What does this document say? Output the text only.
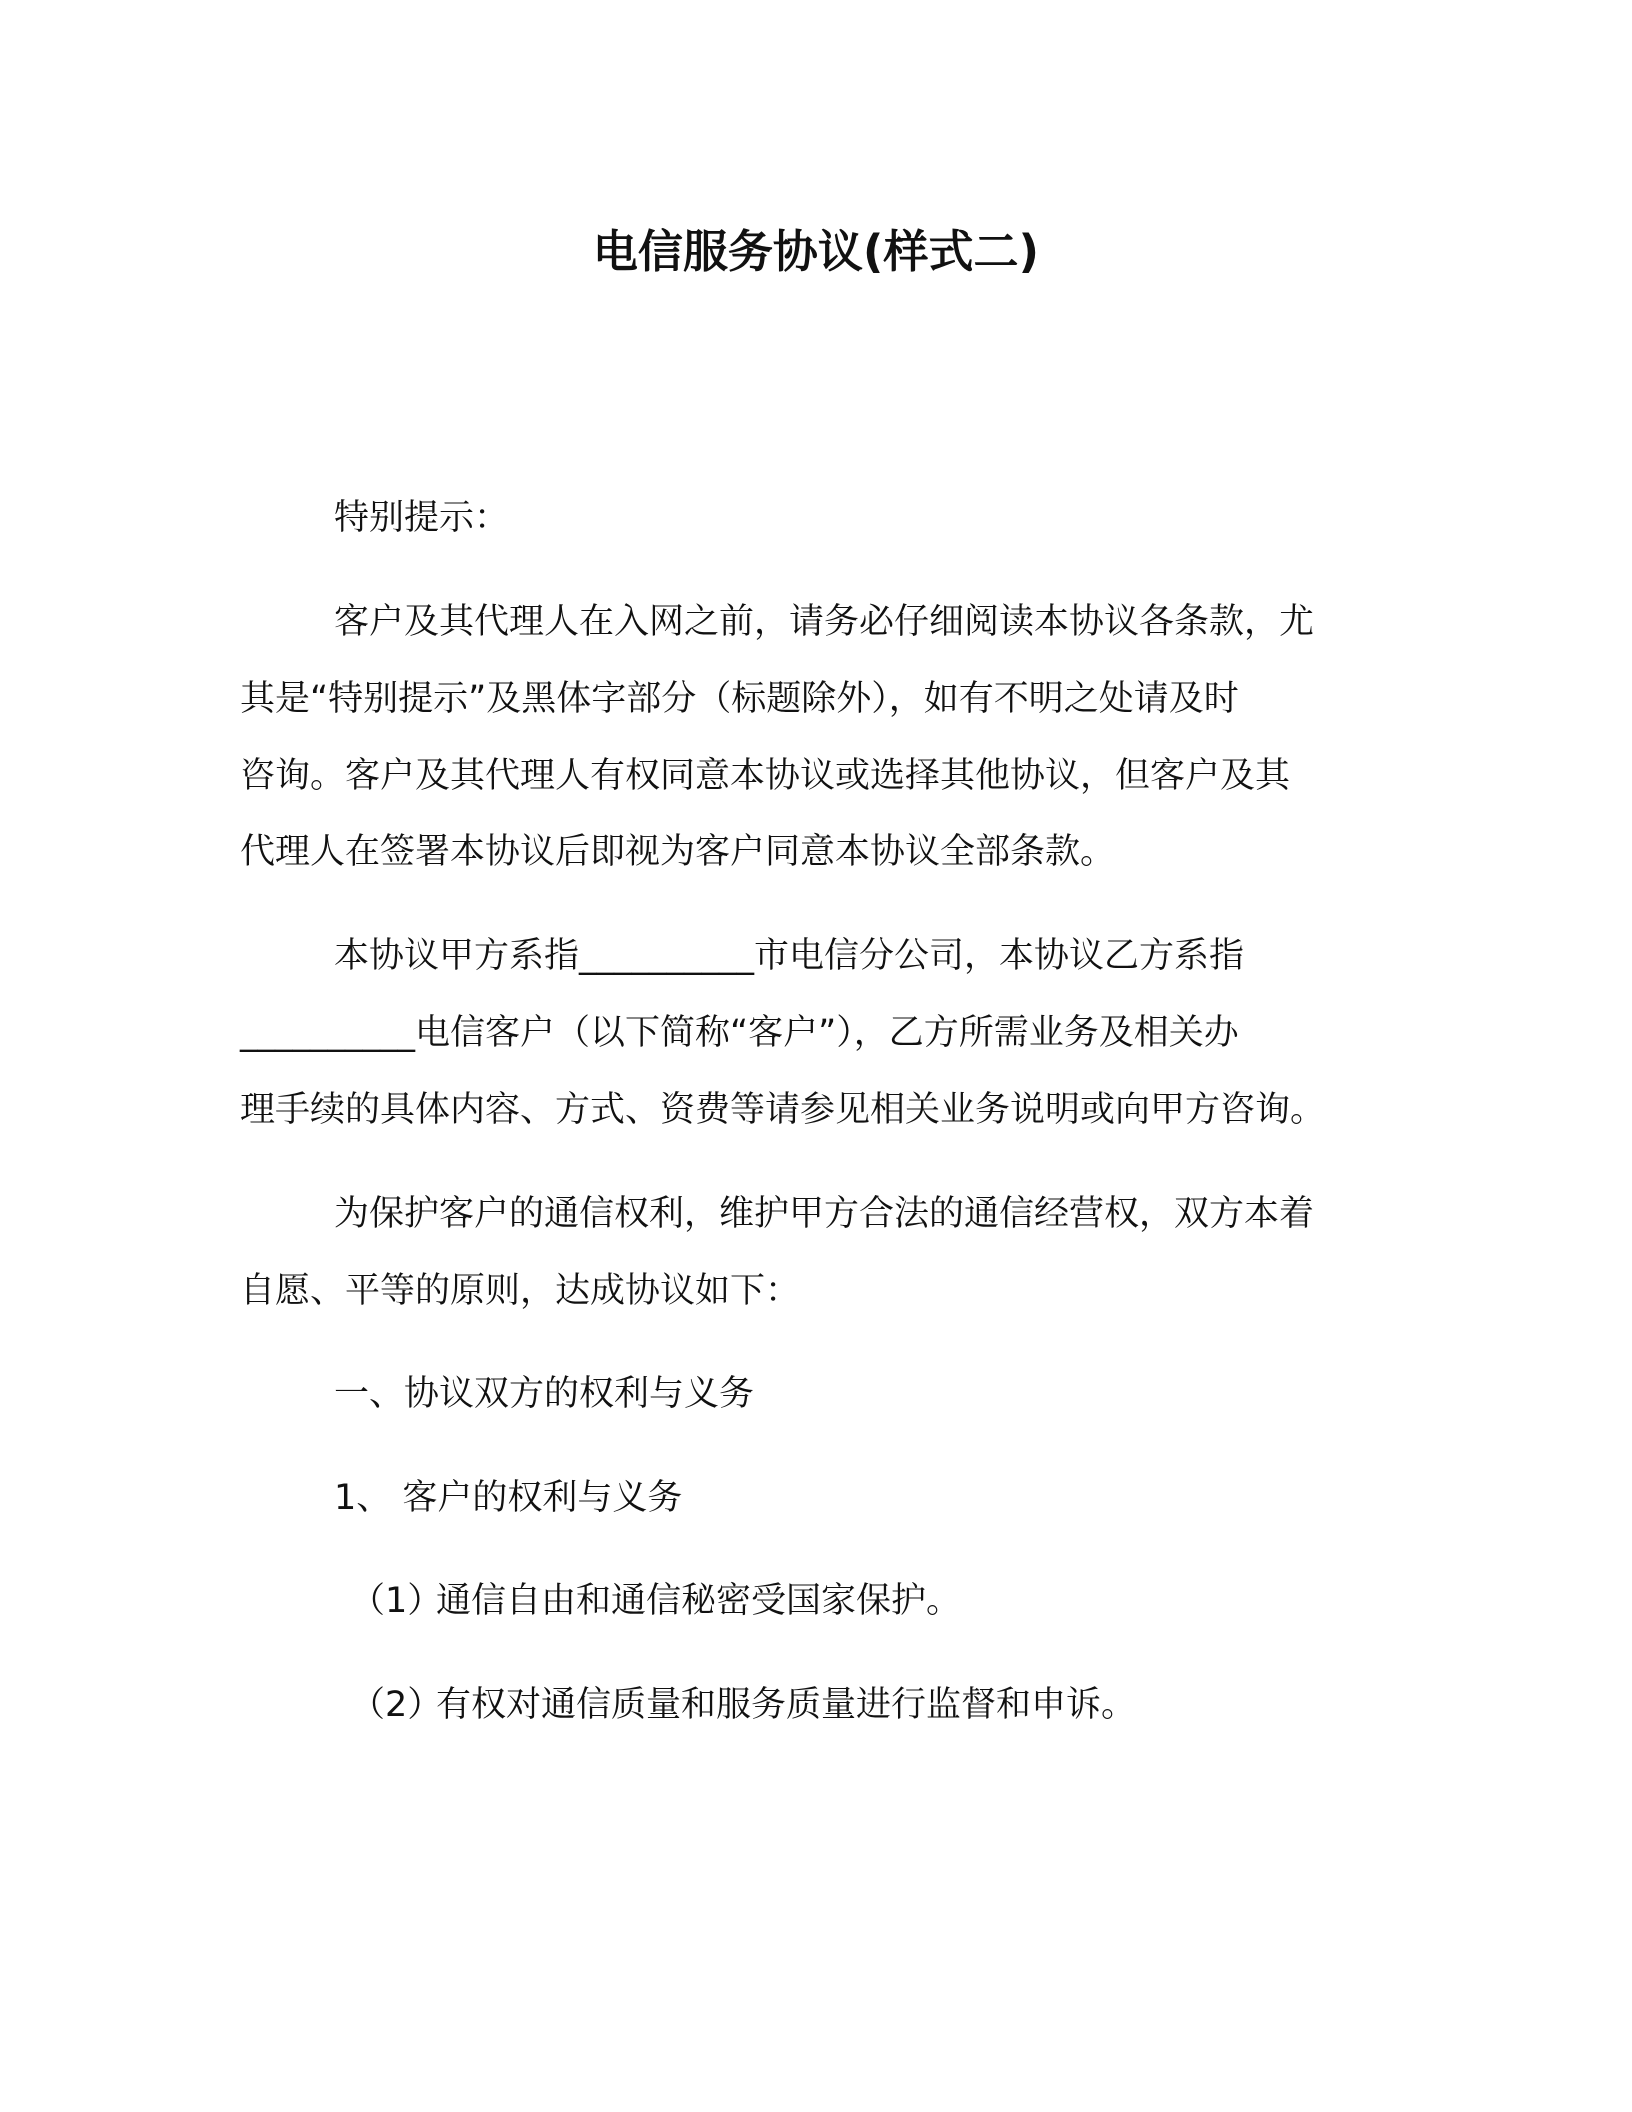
电信服务协议(样式二)
特别提示：
客户及其代理人在入网之前，请务必仔细阅读本协议各条款，尤
其是“特别提示”及黑体字部分（标题除外），如有不明之处请及时
咨询。客户及其代理人有权同意本协议或选择其他协议，但客户及其
代理人在签署本协议后即视为客户同意本协议全部条款。
本协议甲方系指__________市电信分公司，本协议乙方系指
__________电信客户（以下简称“客户”），乙方所需业务及相关办
理手续的具体内容、方式、资费等请参见相关业务说明或向甲方咨询。
为保护客户的通信权利，维护甲方合法的通信经营权，双方本着
自愿、平等的原则，达成协议如下：
一、协议双方的权利与义务
1、 客户的权利与义务
（1）通信自由和通信秘密受国家保护。
（2）有权对通信质量和服务质量进行监督和申诉。
